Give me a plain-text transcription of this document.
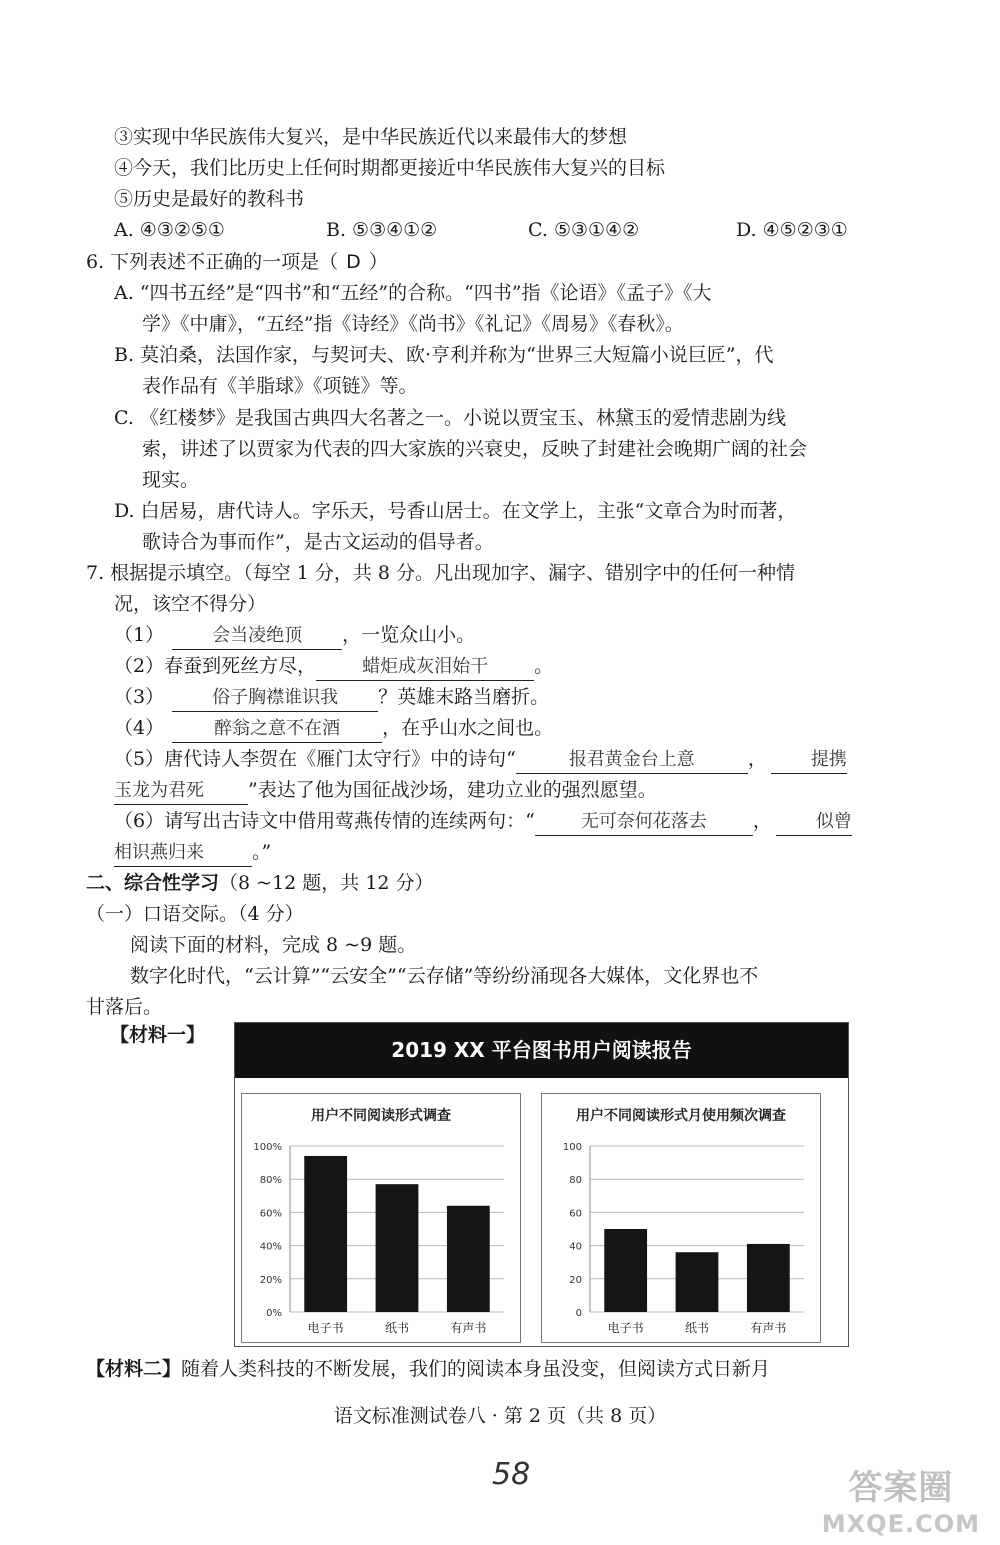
③实现中华民族伟大复兴，是中华民族近代以来最伟大的梦想
④今天，我们比历史上任何时期都更接近中华民族伟大复兴的目标
⑤历史是最好的教科书
A. ④③②⑤①	B. ⑤③④①②	C. ⑤③①④②	D. ④⑤②③①
6. 下列表述不正确的一项是（ D ）
A. “四书五经”是“四书”和“五经”的合称。“四书”指《论语》《孟子》《大
学》《中庸》，“五经”指《诗经》《尚书》《礼记》《周易》《春秋》。
B. 莫泊桑，法国作家，与契诃夫、欧·亨利并称为“世界三大短篇小说巨匠”，代
表作品有《羊脂球》《项链》等。
C. 《红楼梦》是我国古典四大名著之一。小说以贾宝玉、林黛玉的爱情悲剧为线
索，讲述了以贾家为代表的四大家族的兴衰史，反映了封建社会晚期广阔的社会
现实。
D. 白居易，唐代诗人。字乐天，号香山居士。在文学上，主张“文章合为时而著，
歌诗合为事而作”，是古文运动的倡导者。
7. 根据提示填空。（每空 1 分，共 8 分。凡出现加字、漏字、错别字中的任何一种情
况，该空不得分）
（1）	会当凌绝顶 ，一览众山小。
（2）春蚕到死丝方尽，	蜡炬成灰泪始干 。
（3）	俗子胸襟谁识我 ？英雄末路当磨折。
（4）	醉翁之意不在酒 ，在乎山水之间也。
（5）唐代诗人李贺在《雁门太守行》中的诗句“	报君黄金台上意	， 提携
玉龙为君死 ”表达了他为国征战沙场，建功立业的强烈愿望。
（6）请写出古诗文中借用莺燕传情的连续两句：“	无可奈何花落去 ， 似曾
相识燕归来	。”
二、综合性学习（8 ~12 题，共 12 分）
（一）口语交际。（4 分）
阅读下面的材料，完成 8 ~9 题。
数字化时代，“云计算”“云安全”“云存储”等纷纷涌现各大媒体，文化界也不
甘落后。
【材料一】
2019 XX 平台图书用户阅读报告
用户不同阅读形式调查
0%
20%
40%
60%
80%
100%
电子书	纸书	有声书
用户不同阅读形式月使用频次调查
0
20
40
60
80
100
电子书	纸书	有声书
【材料二】随着人类科技的不断发展，我们的阅读本身虽没变，但阅读方式日新月
语文标准测试卷八 · 第 2 页（共 8 页）
58	答案圈
MXQE.COM
